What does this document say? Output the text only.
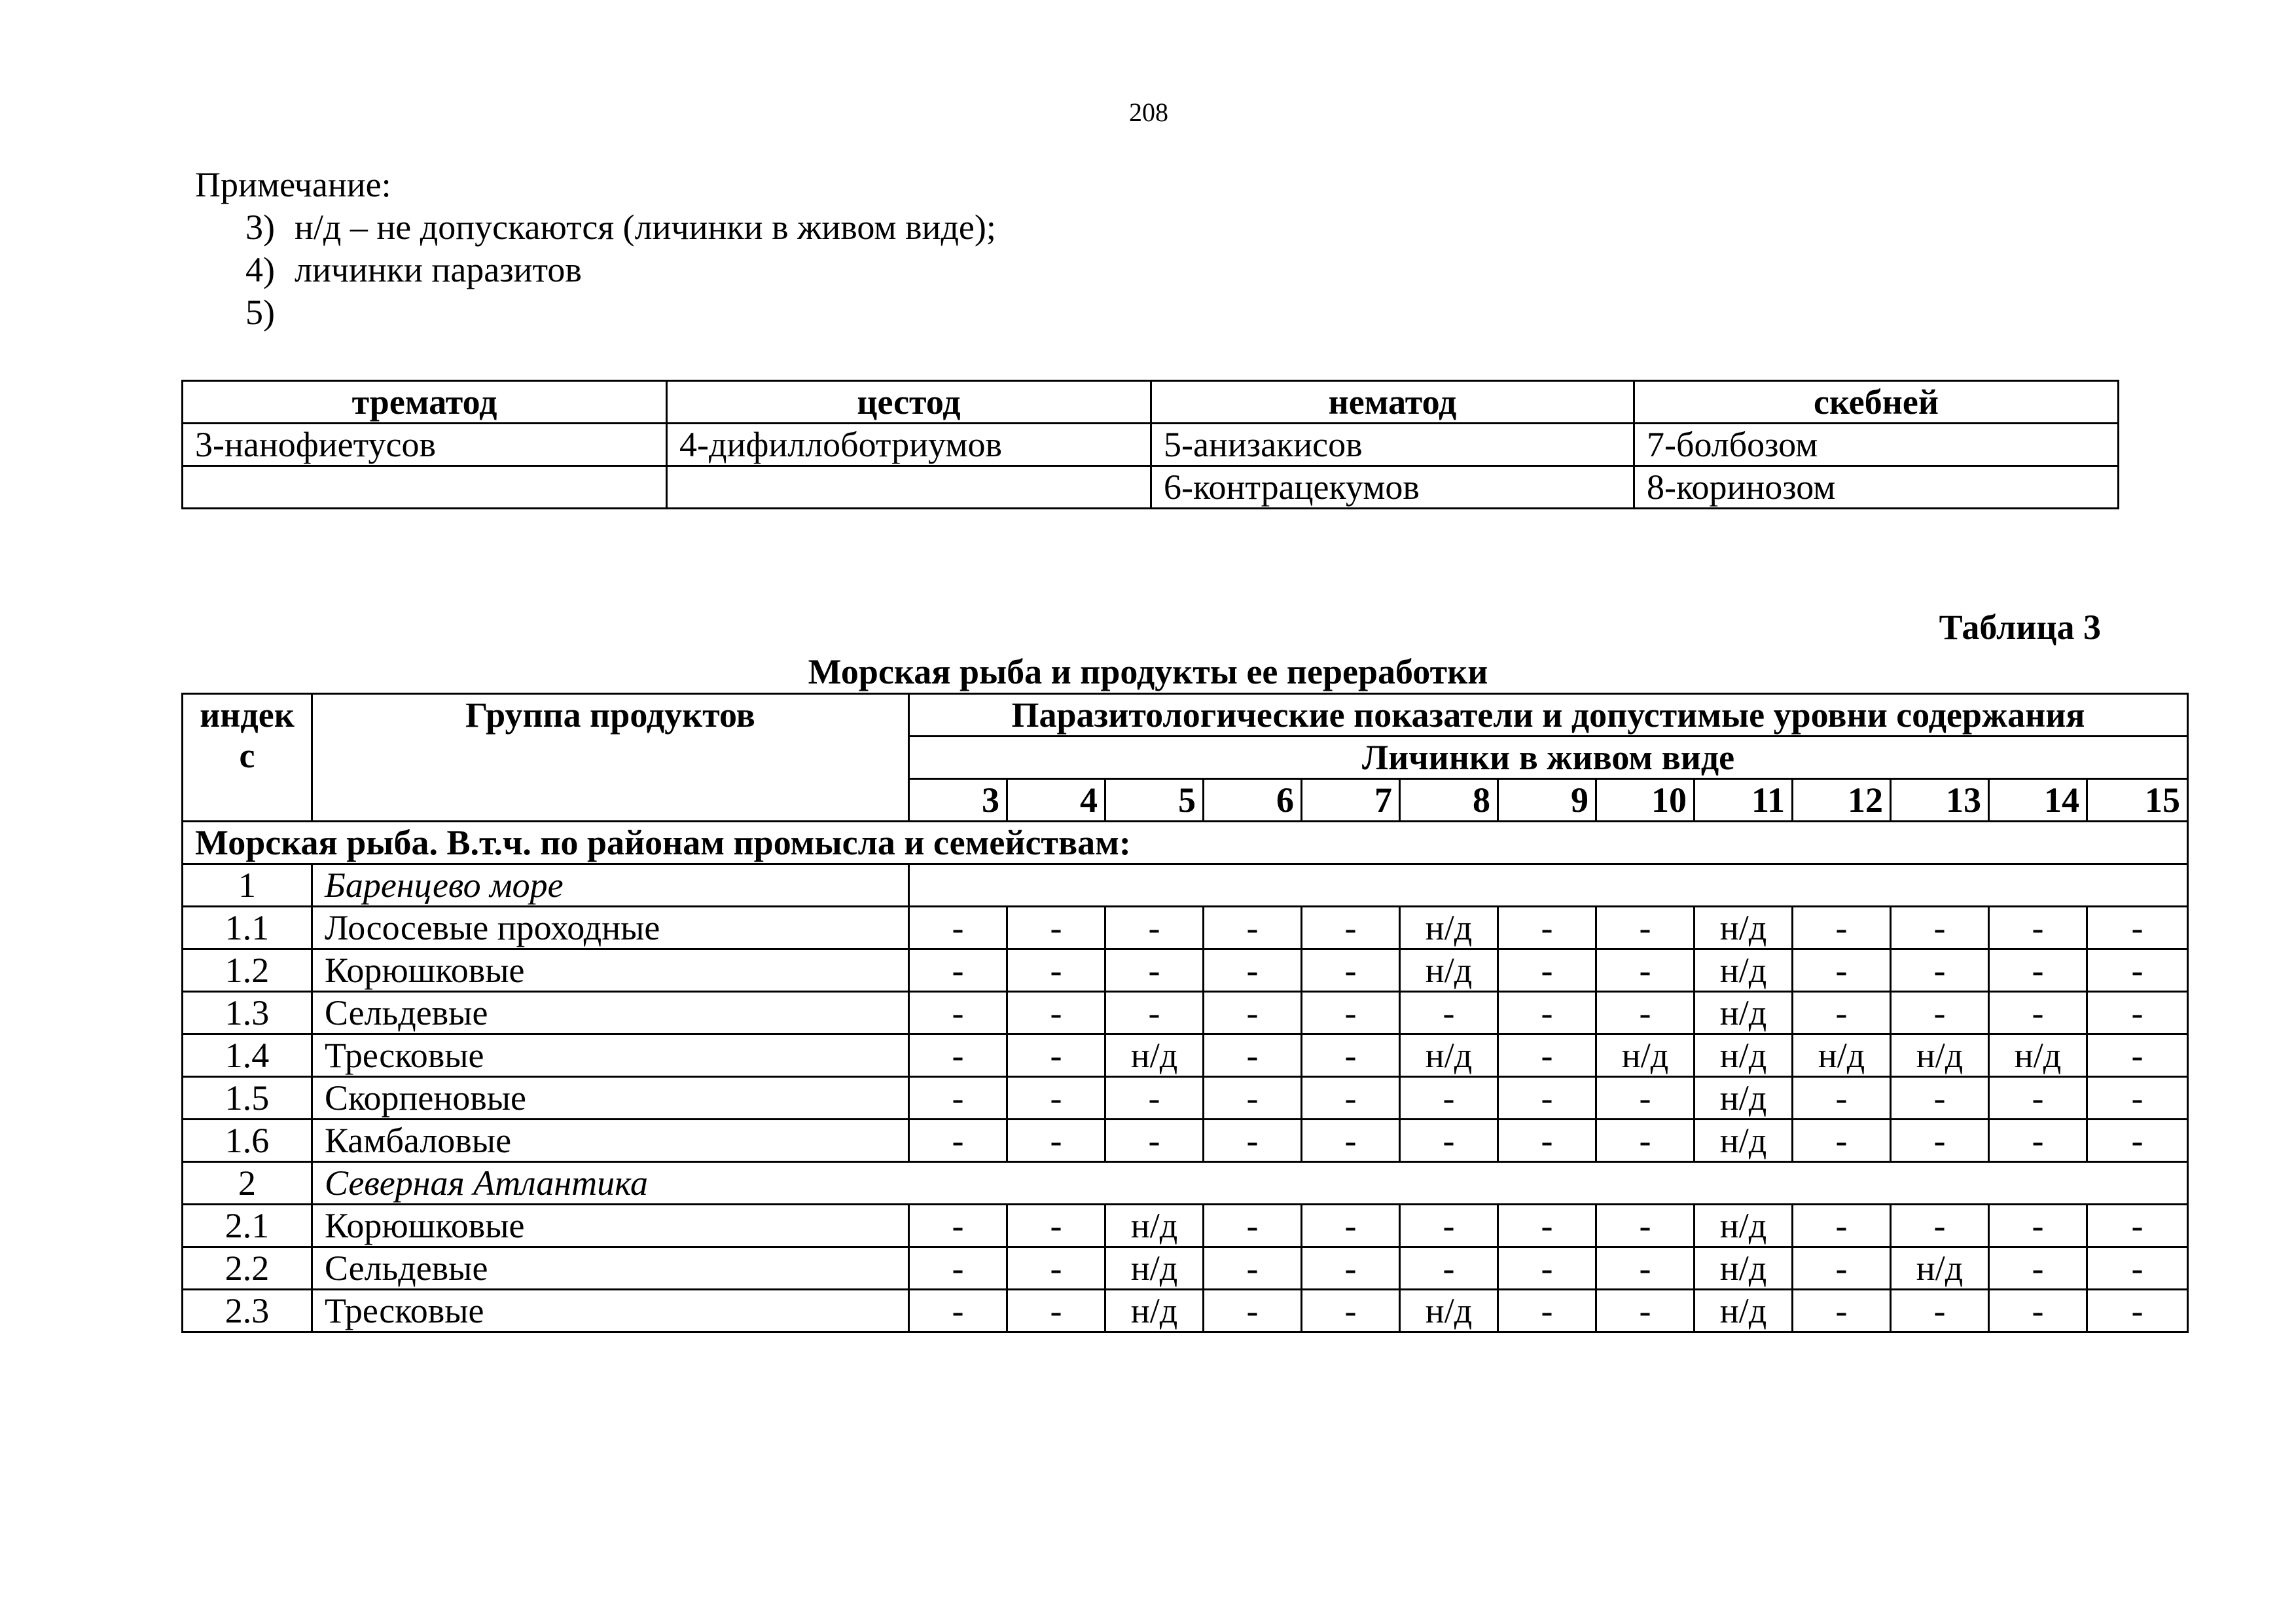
208
Примечание:
3) н/д – не допускаются (личинки в живом виде);
4) личинки паразитов
5)
трематод	цестод	нематод	скебней
3-нанофиетусов	4-дифиллоботриумов	5-анизакисов	7-болбозом
		6-контрацекумов	8-коринозом
Таблица 3
Морская рыба и продукты ее переработки
индекс	Группа продуктов	Паразитологические показатели и допустимые уровни содержания												
		Личинки в живом виде												
		3	4	5	6	7	8	9	10	11	12	13	14	15
Морская рыба. В.т.ч. по районам промысла и семействам:														
1	Баренцево море													
1.1	Лососевые проходные	-	-	-	-	-	н/д	-	-	н/д	-	-	-	-
1.2	Корюшковые	-	-	-	-	-	н/д	-	-	н/д	-	-	-	-
1.3	Сельдевые	-	-	-	-	-	-	-	-	н/д	-	-	-	-
1.4	Тресковые	-	-	н/д	-	-	н/д	-	н/д	н/д	н/д	н/д	н/д	-
1.5	Скорпеновые	-	-	-	-	-	-	-	-	н/д	-	-	-	-
1.6	Камбаловые	-	-	-	-	-	-	-	-	н/д	-	-	-	-
2	Северная Атлантика													
2.1	Корюшковые	-	-	н/д	-	-	-	-	-	н/д	-	-	-	-
2.2	Сельдевые	-	-	н/д	-	-	-	-	-	н/д	-	н/д	-	-
2.3	Тресковые	-	-	н/д	-	-	н/д	-	-	н/д	-	-	-	-
